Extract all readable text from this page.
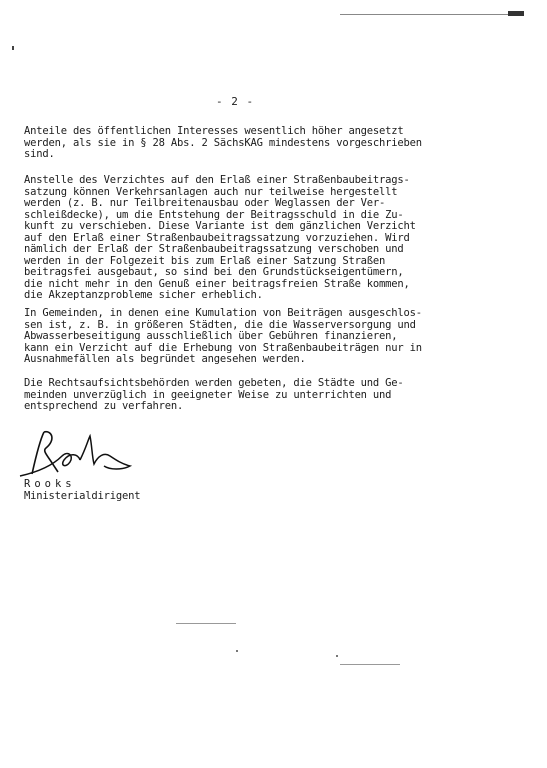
- 2 -

Anteile des öffentlichen Interesses wesentlich höher angesetzt
werden, als sie in § 28 Abs. 2 SächsKAG mindestens vorgeschrieben
sind.

Anstelle des Verzichtes auf den Erlaß einer Straßenbaubeitrags-
satzung können Verkehrsanlagen auch nur teilweise hergestellt
werden (z. B. nur Teilbreitenausbau oder Weglassen der Ver-
schleißdecke), um die Entstehung der Beitragsschuld in die Zu-
kunft zu verschieben. Diese Variante ist dem gänzlichen Verzicht
auf den Erlaß einer Straßenbaubeitragssatzung vorzuziehen. Wird
nämlich der Erlaß der Straßenbaubeitragssatzung verschoben und
werden in der Folgezeit bis zum Erlaß einer Satzung Straßen
beitragsfei ausgebaut, so sind bei den Grundstückseigentümern,
die nicht mehr in den Genuß einer beitragsfreien Straße kommen,
die Akzeptanzprobleme sicher erheblich.

In Gemeinden, in denen eine Kumulation von Beiträgen ausgeschlos-
sen ist, z. B. in größeren Städten, die die Wasserversorgung und
Abwasserbeseitigung ausschließlich über Gebühren finanzieren,
kann ein Verzicht auf die Erhebung von Straßenbaubeiträgen nur in
Ausnahmefällen als begründet angesehen werden.

Die Rechtsaufsichtsbehörden werden gebeten, die Städte und Ge-
meinden unverzüglich in geeigneter Weise zu unterrichten und
entsprechend zu verfahren.

Rooks
Ministerialdirigent
